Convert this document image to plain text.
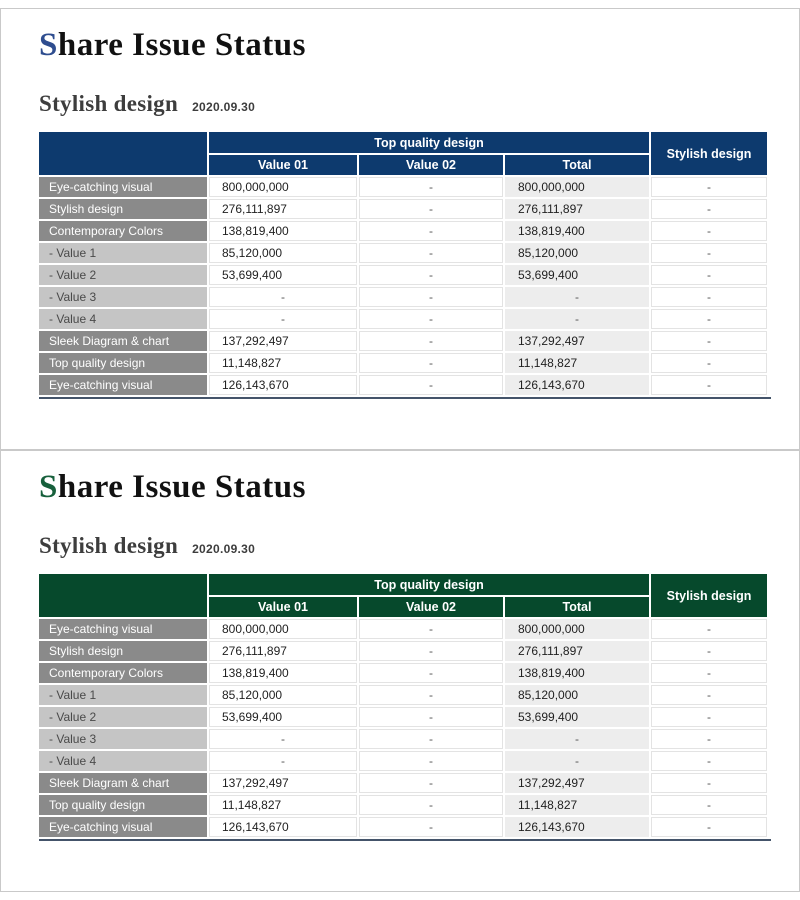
Share Issue Status
Stylish design 2020.09.30
	Top quality design			Stylish design
	Value 01	Value 02	Total	
Eye-catching visual	800,000,000	-	800,000,000	-
Stylish design	276,111,897	-	276,111,897	-
Contemporary Colors	138,819,400	-	138,819,400	-
- Value 1	85,120,000	-	85,120,000	-
- Value 2	53,699,400	-	53,699,400	-
- Value 3	-	-	-	-
- Value 4	-	-	-	-
Sleek Diagram & chart	137,292,497	-	137,292,497	-
Top quality design	11,148,827	-	11,148,827	-
Eye-catching visual	126,143,670	-	126,143,670	-
Share Issue Status
Stylish design 2020.09.30
	Top quality design			Stylish design
	Value 01	Value 02	Total	
Eye-catching visual	800,000,000	-	800,000,000	-
Stylish design	276,111,897	-	276,111,897	-
Contemporary Colors	138,819,400	-	138,819,400	-
- Value 1	85,120,000	-	85,120,000	-
- Value 2	53,699,400	-	53,699,400	-
- Value 3	-	-	-	-
- Value 4	-	-	-	-
Sleek Diagram & chart	137,292,497	-	137,292,497	-
Top quality design	11,148,827	-	11,148,827	-
Eye-catching visual	126,143,670	-	126,143,670	-
